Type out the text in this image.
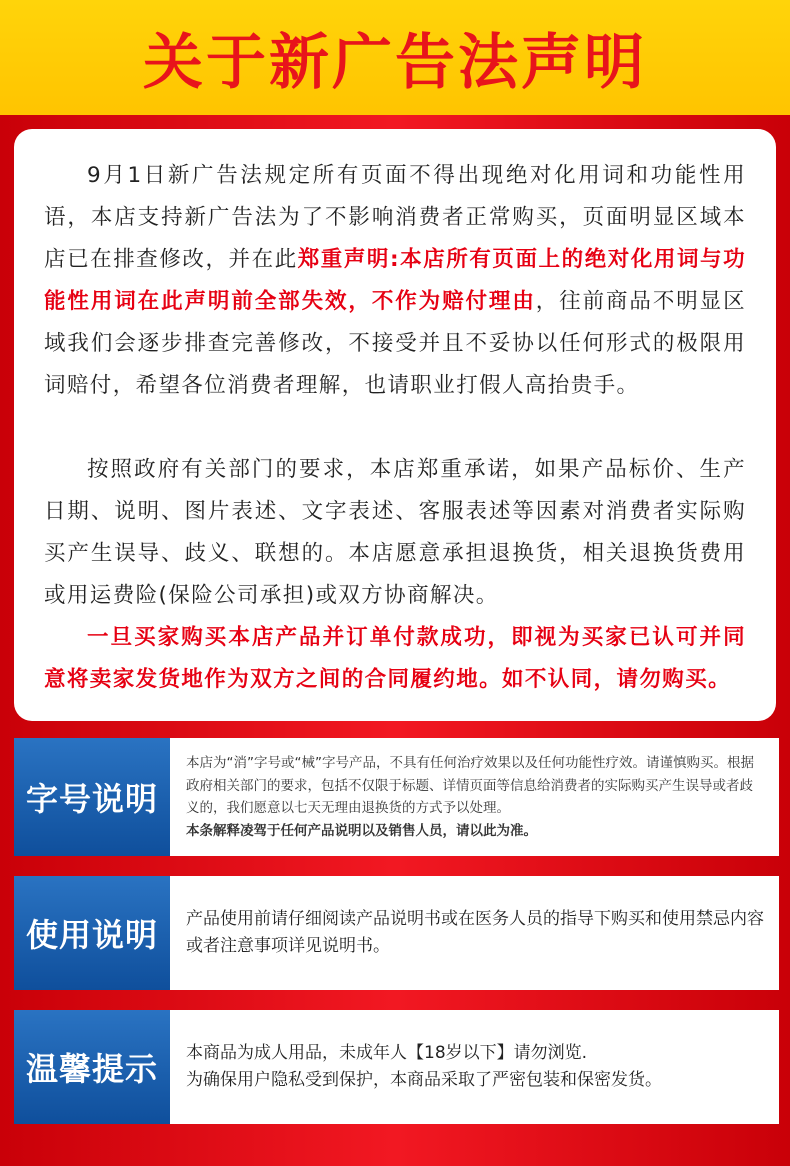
关于新广告法声明

9月1日新广告法规定所有页面不得出现绝对化用词和功能性用语，本店支持新广告法为了不影响消费者正常购买，页面明显区域本店已在排查修改，并在此郑重声明:本店所有页面上的绝对化用词与功能性用词在此声明前全部失效，不作为赔付理由，往前商品不明显区域我们会逐步排查完善修改，不接受并且不妥协以任何形式的极限用词赔付，希望各位消费者理解，也请职业打假人高抬贵手。

按照政府有关部门的要求，本店郑重承诺，如果产品标价、生产日期、说明、图片表述、文字表述、客服表述等因素对消费者实际购买产生误导、歧义、联想的。本店愿意承担退换货，相关退换货费用或用运费险(保险公司承担)或双方协商解决。

一旦买家购买本店产品并订单付款成功，即视为买家已认可并同意将卖家发货地作为双方之间的合同履约地。如不认同，请勿购买。

字号说明

本店为“消”字号或“械”字号产品，不具有任何治疗效果以及任何功能性疗效。请谨慎购买。根据政府相关部门的要求，包括不仅限于标题、详情页面等信息给消费者的实际购买产生误导或者歧义的，我们愿意以七天无理由退换货的方式予以处理。

本条解释凌驾于任何产品说明以及销售人员，请以此为准。

使用说明 产品使用前请仔细阅读产品说明书或在医务人员的指导下购买和使用禁忌内容或者注意事项详见说明书。

温馨提示 本商品为成人用品，未成年人【18岁以下】请勿浏览.

为确保用户隐私受到保护，本商品采取了严密包装和保密发货。
